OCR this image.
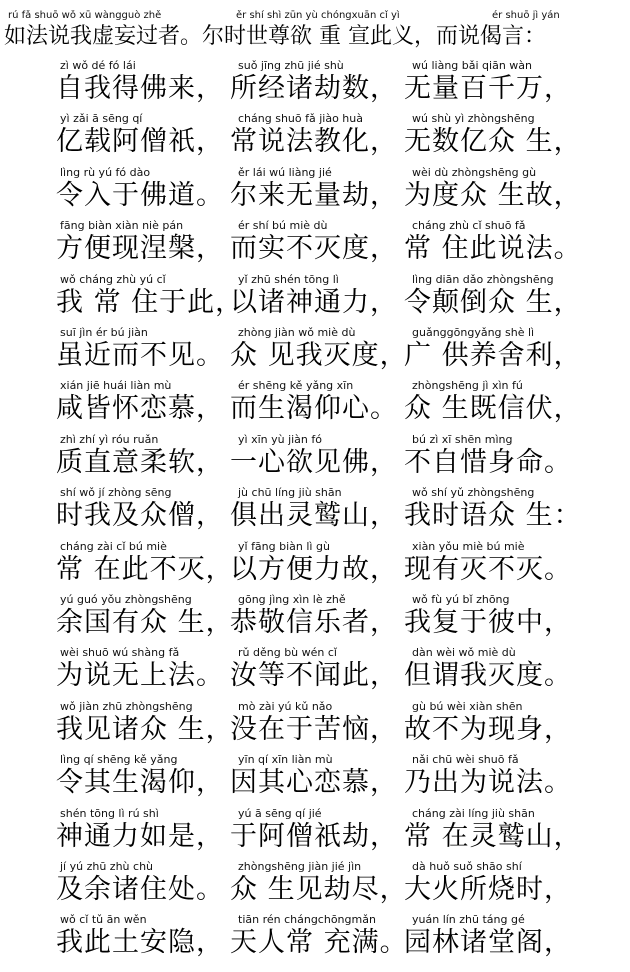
rú fǎ shuō wǒ xū wàngguò zhě	ěr shí shì zūn yù chóngxuān cǐ yì	ér shuō jì yán
如法说我虚妄过者。尔时世尊欲 重 宣此义，而说偈言：
zì wǒ dé fó lái
自我得佛来，
suǒ jīng zhū jié shù
所经诸劫数，
wú liàng bǎi qiān wàn
无量百千万，
yì zǎi ā sēng qí
亿载阿僧祇，
cháng shuō fǎ jiào huà
常说法教化，
wú shù yì zhòngshēng
无数亿众 生，
lìng rù yú fó dào
令入于佛道。
ěr lái wú liàng jié
尔来无量劫，
wèi dù zhòngshēng gù
为度众 生故，
fāng biàn xiàn niè pán
方便现涅槃，
ér shí bú miè dù
而实不灭度，
cháng zhù cǐ shuō fǎ
常 住此说法。
wǒ cháng zhù yú cǐ
我 常 住于此，
yǐ zhū shén tōng lì
以诸神通力，
lìng diān dǎo zhòngshēng
令颠倒众 生，
suī jìn ér bú jiàn
虽近而不见。
zhòng jiàn wǒ miè dù
众 见我灭度，
guǎnggōngyǎng shè lì
广 供养舍利，
xián jiē huái liàn mù
咸皆怀恋慕，
ér shēng kě yǎng xīn
而生渴仰心。
zhòngshēng jì xìn fú
众 生既信伏，
zhì zhí yì róu ruǎn
质直意柔软，
yì xīn yù jiàn fó
一心欲见佛，
bú zì xī shēn mìng
不自惜身命。
shí wǒ jí zhòng sēng
时我及众僧，
jù chū líng jiù shān
俱出灵鹫山，
wǒ shí yǔ zhòngshēng
我时语众 生：
cháng zài cǐ bú miè
常 在此不灭，
yǐ fāng biàn lì gù
以方便力故，
xiàn yǒu miè bú miè
现有灭不灭。
yú guó yǒu zhòngshēng
余国有众 生，
gōng jìng xìn lè zhě
恭敬信乐者，
wǒ fù yú bǐ zhōng
我复于彼中，
wèi shuō wú shàng fǎ
为说无上法。
rǔ děng bù wén cǐ
汝等不闻此，
dàn wèi wǒ miè dù
但谓我灭度。
wǒ jiàn zhū zhòngshēng
我见诸众 生，
mò zài yú kǔ nǎo
没在于苦恼，
gù bú wèi xiàn shēn
故不为现身，
lìng qí shēng kě yǎng
令其生渴仰，
yīn qí xīn liàn mù
因其心恋慕，
nǎi chū wèi shuō fǎ
乃出为说法。
shén tōng lì rú shì
神通力如是，
yú ā sēng qí jié
于阿僧祇劫，
cháng zài líng jiù shān
常 在灵鹫山，
jí yú zhū zhù chù
及余诸住处。
zhòngshēng jiàn jié jìn
众 生见劫尽，
dà huǒ suǒ shāo shí
大火所烧时，
wǒ cǐ tǔ ān wěn
我此土安隐，
tiān rén chángchōngmǎn
天人常 充满。
yuán lín zhū táng gé
园林诸堂阁，
